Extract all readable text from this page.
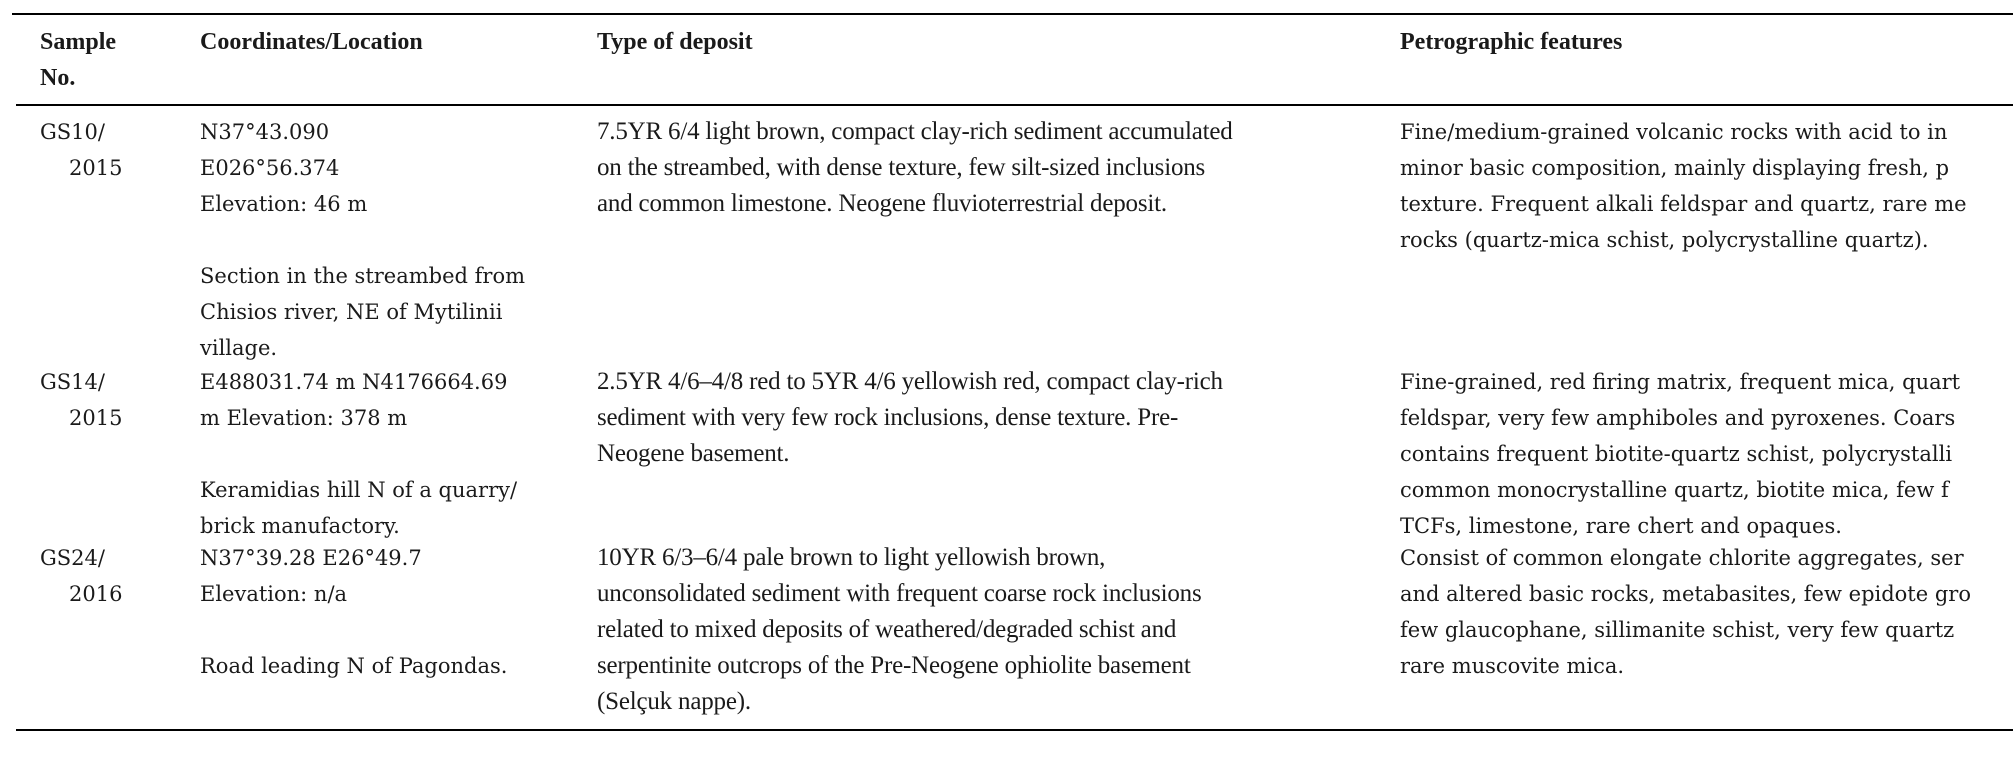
Sample
No.
Coordinates/Location	Type of deposit	Petrographic features
GS10/
2015
N37°43.090
E026°56.374
Elevation: 46 m
Section in the streambed from
Chisios river, NE of Mytilinii
village.
7.5YR 6/4 light brown, compact clay-rich sediment accumulated
on the streambed, with dense texture, few silt-sized inclusions
and common limestone. Neogene fluvioterrestrial deposit.
Fine/medium-grained volcanic rocks with acid to in
minor basic composition, mainly displaying fresh, p
texture. Frequent alkali feldspar and quartz, rare me
rocks (quartz-mica schist, polycrystalline quartz).
GS14/
2015
E488031.74 m N4176664.69
m Elevation: 378 m
Keramidias hill N of a quarry/
brick manufactory.
2.5YR 4/6–4/8 red to 5YR 4/6 yellowish red, compact clay-rich
sediment with very few rock inclusions, dense texture. Pre-
Neogene basement.
Fine-grained, red firing matrix, frequent mica, quart
feldspar, very few amphiboles and pyroxenes. Coars
contains frequent biotite-quartz schist, polycrystalli
common monocrystalline quartz, biotite mica, few f
TCFs, limestone, rare chert and opaques.
GS24/
2016
N37°39.28 E26°49.7
Elevation: n/a
Road leading N of Pagondas.
10YR 6/3–6/4 pale brown to light yellowish brown,
unconsolidated sediment with frequent coarse rock inclusions
related to mixed deposits of weathered/degraded schist and
serpentinite outcrops of the Pre-Neogene ophiolite basement
(Selçuk nappe).
Consist of common elongate chlorite aggregates, ser
and altered basic rocks, metabasites, few epidote gro
few glaucophane, sillimanite schist, very few quartz
rare muscovite mica.
